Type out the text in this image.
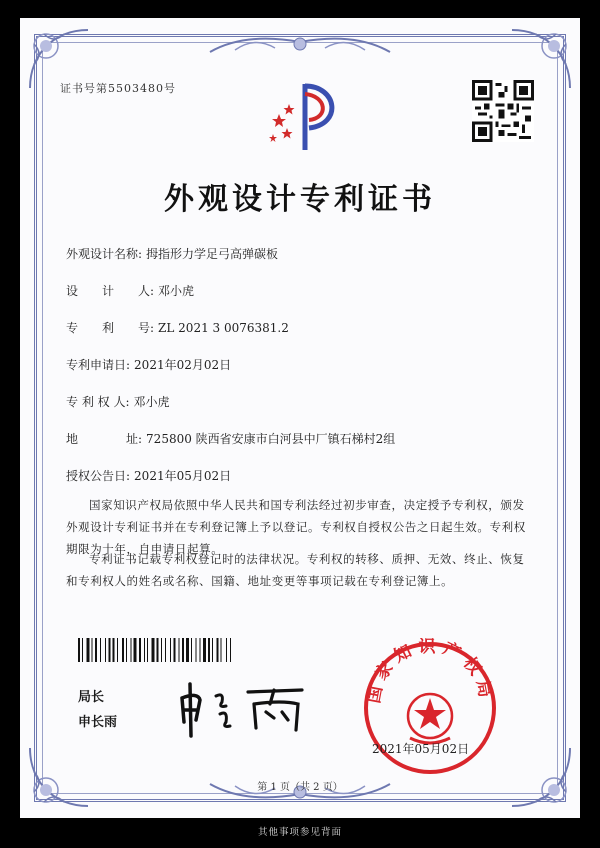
证书号第5503480号
外观设计专利证书
外观设计名称: 拇指形力学足弓高弹碳板
设　　计　　人: 邓小虎
专　　利　　号: ZL 2021 3 0076381.2
专利申请日: 2021年02月02日
专 利 权 人: 邓小虎
地　　　　址: 725800 陕西省安康市白河县中厂镇石梯村2组
授权公告日: 2021年05月02日
国家知识产权局依照中华人民共和国专利法经过初步审查，决定授予专利权，颁发外观设计专利证书并在专利登记簿上予以登记。专利权自授权公告之日起生效。专利权期限为十年，自申请日起算。
专利证书记载专利权登记时的法律状况。专利权的转移、质押、无效、终止、恢复和专利权人的姓名或名称、国籍、地址变更等事项记载在专利登记簿上。
局长
申长雨
国家知识产权局
2021年05月02日
第 1 页（共 2 页）
其他事项参见背面
